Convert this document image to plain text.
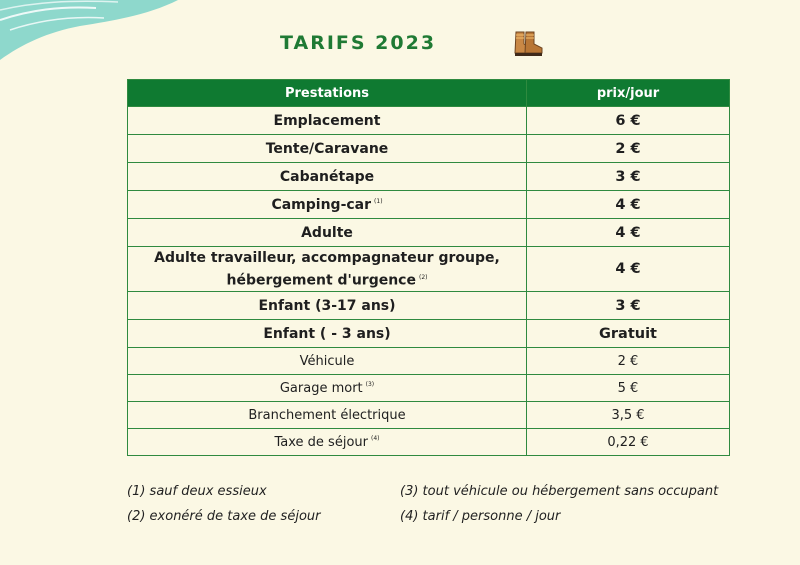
TARIFS 2023
Prestations	prix/jour
Emplacement	6 €
Tente/Caravane	2 €
Cabanétape	3 €
Camping-car $^{(1)}$	4 €
Adulte	4 €
Adulte travailleur, accompagnateur groupe,
hébergement d'urgence $^{(2)}$	4 €
Enfant (3-17 ans)	3 €
Enfant ( - 3 ans)	Gratuit
Véhicule	2 €
Garage mort $^{(3)}$	5 €
Branchement électrique	3,5 €
Taxe de séjour $^{(4)}$	0,22 €
(1) sauf deux essieux
(2) exonéré de taxe de séjour
(3) tout véhicule ou hébergement sans occupant
(4) tarif / personne / jour
